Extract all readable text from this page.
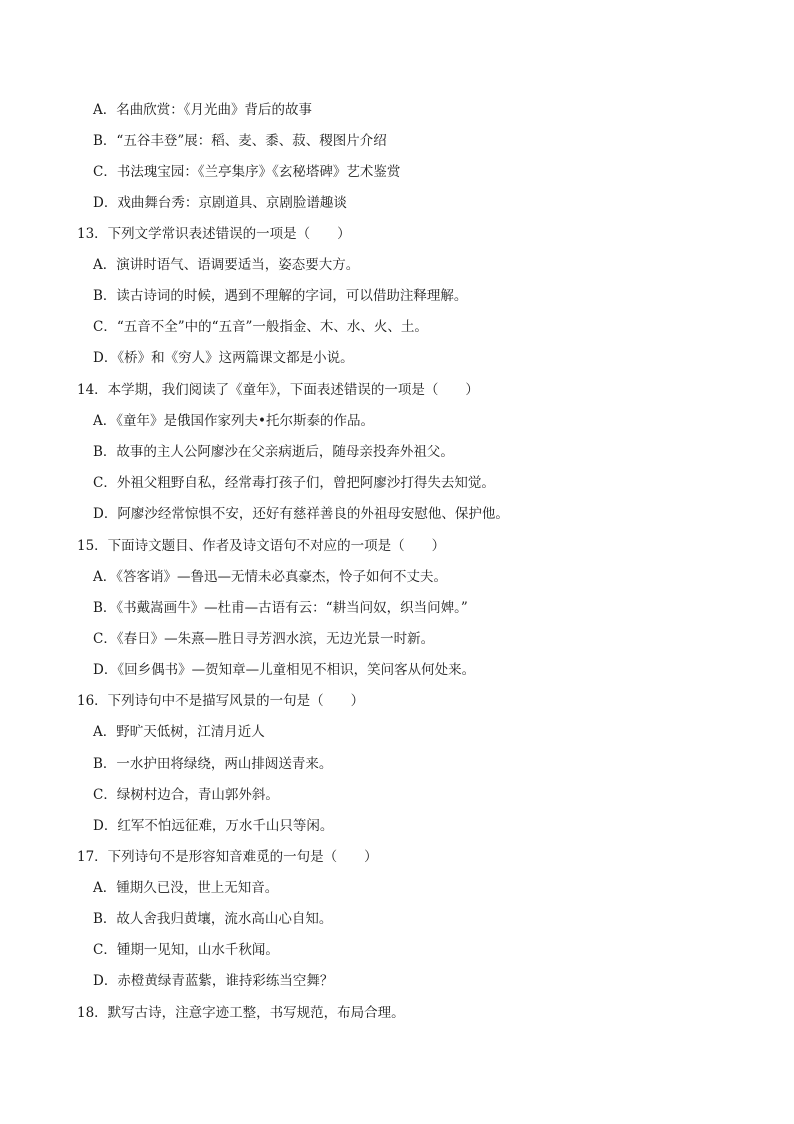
A．名曲欣赏：《月光曲》背后的故事
B．“五谷丰登”展：稻、麦、黍、菽、稷图片介绍
C．书法瑰宝园：《兰亭集序》《玄秘塔碑》艺术鉴赏
D．戏曲舞台秀：京剧道具、京剧脸谱趣谈
13．下列文学常识表述错误的一项是（　　）
A．演讲时语气、语调要适当，姿态要大方。
B．读古诗词的时候，遇到不理解的字词，可以借助注释理解。
C．“五音不全”中的“五音”一般指金、木、水、火、土。
D．《桥》和《穷人》这两篇课文都是小说。
14．本学期，我们阅读了《童年》，下面表述错误的一项是（　　）
A．《童年》是俄国作家列夫•托尔斯泰的作品。
B．故事的主人公阿廖沙在父亲病逝后，随母亲投奔外祖父。
C．外祖父粗野自私，经常毒打孩子们，曾把阿廖沙打得失去知觉。
D．阿廖沙经常惊惧不安，还好有慈祥善良的外祖母安慰他、保护他。
15．下面诗文题目、作者及诗文语句不对应的一项是（　　）
A．《答客诮》—鲁迅—无情未必真豪杰，怜子如何不丈夫。
B．《书戴嵩画牛》—杜甫—古语有云：“耕当问奴，织当问婢。”
C．《春日》—朱熹—胜日寻芳泗水滨，无边光景一时新。
D．《回乡偶书》—贺知章—儿童相见不相识，笑问客从何处来。
16．下列诗句中不是描写风景的一句是（　　）
A．野旷天低树，江清月近人
B．一水护田将绿绕，两山排闼送青来。
C．绿树村边合，青山郭外斜。
D．红军不怕远征难，万水千山只等闲。
17．下列诗句不是形容知音难觅的一句是（　　）
A．锺期久已没，世上无知音。
B．故人舍我归黄壤，流水高山心自知。
C．锺期一见知，山水千秋闻。
D．赤橙黄绿青蓝紫，谁持彩练当空舞？
18．默写古诗，注意字迹工整，书写规范，布局合理。
